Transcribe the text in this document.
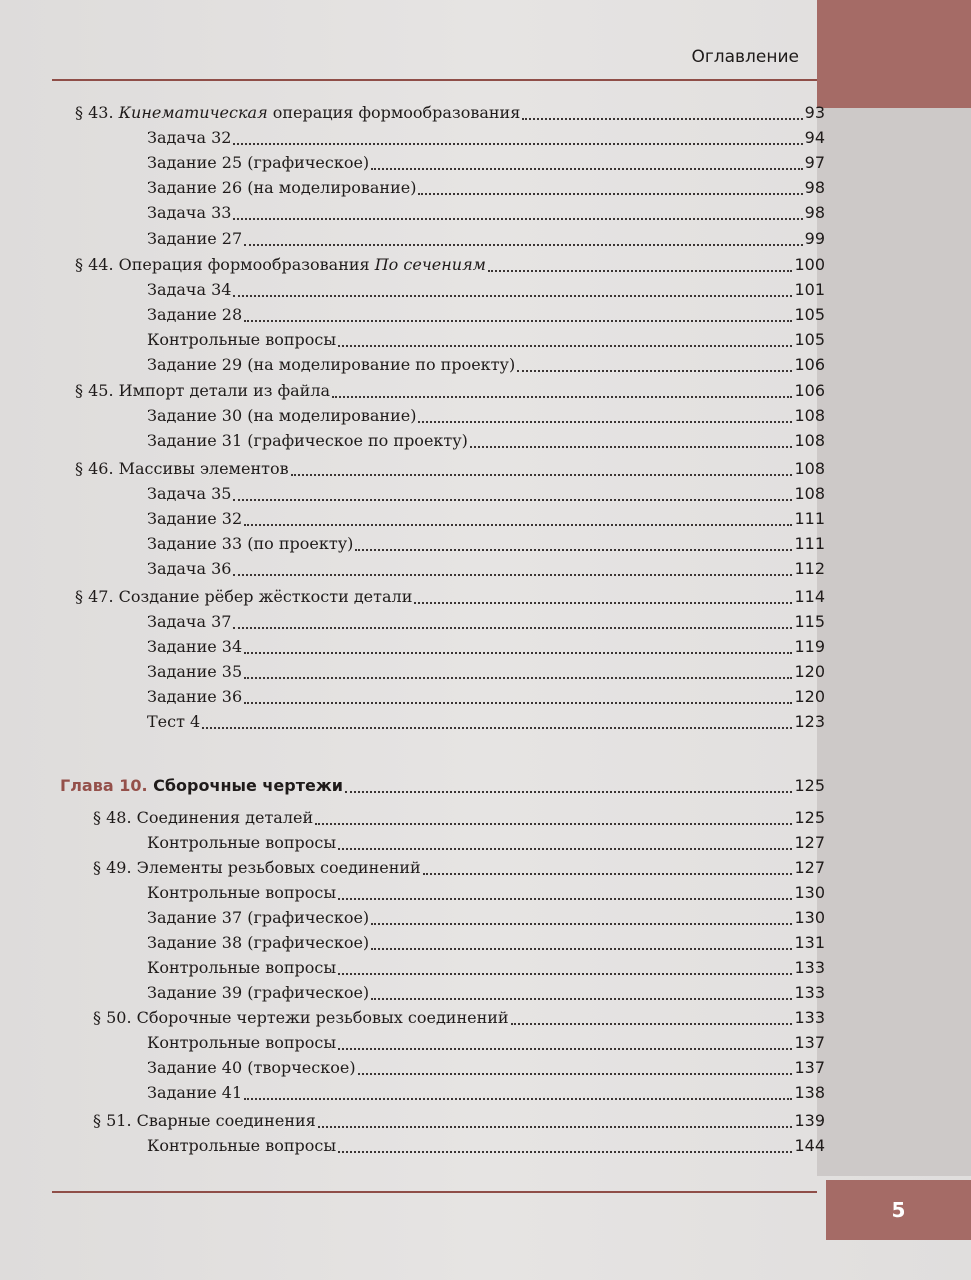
Оглавление
§ 43. Кинематическая операция формообразования	93
Задача 32	94
Задание 25 (графическое)	97
Задание 26 (на моделирование)	98
Задача 33	98
Задание 27	99
§ 44. Операция формообразования По сечениям	100
Задача 34	101
Задание 28	105
Контрольные вопросы	105
Задание 29 (на моделирование по проекту)	106
§ 45. Импорт детали из файла	106
Задание 30 (на моделирование)	108
Задание 31 (графическое по проекту)	108
§ 46. Массивы элементов	108
Задача 35	108
Задание 32	111
Задание 33 (по проекту)	111
Задача 36	112
§ 47. Создание рёбер жёсткости детали	114
Задача 37	115
Задание 34	119
Задание 35	120
Задание 36	120
Тест 4	123
Глава 10. Сборочные чертежи	125
§ 48. Соединения деталей	125
Контрольные вопросы	127
§ 49. Элементы резьбовых соединений	127
Контрольные вопросы	130
Задание 37 (графическое)	130
Задание 38 (графическое)	131
Контрольные вопросы	133
Задание 39 (графическое)	133
§ 50. Сборочные чертежи резьбовых соединений	133
Контрольные вопросы	137
Задание 40 (творческое)	137
Задание 41	138
§ 51. Сварные соединения	139
Контрольные вопросы	144
5
